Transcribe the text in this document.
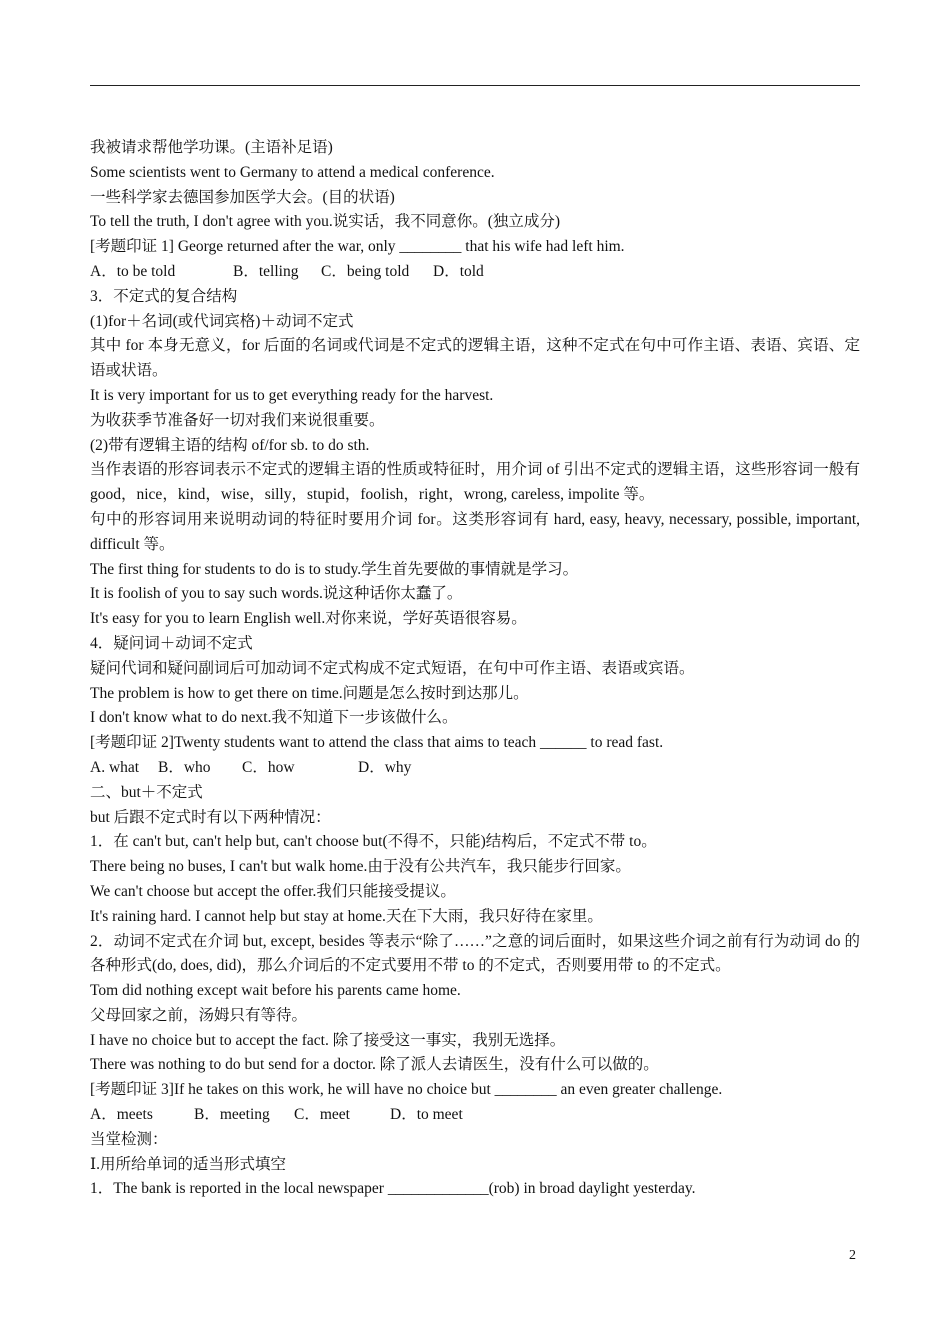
我被请求帮他学功课。(主语补足语)
Some scientists went to Germany to attend a medical conference.
一些科学家去德国参加医学大会。(目的状语)
To tell the truth, I don't agree with you.说实话，我不同意你。(独立成分)
[考题印证 1] George returned after the war, only ________ that his wife had left him.
A．to be told	B．telling C．being told D．told
3．不定式的复合结构
(1)for＋名词(或代词宾格)＋动词不定式
其中 for 本身无意义，for 后面的名词或代词是不定式的逻辑主语，这种不定式在句中可作主语、表语、宾语、定语或状语。
It is very important for us to get everything ready for the harvest.
为收获季节准备好一切对我们来说很重要。
(2)带有逻辑主语的结构 of/for sb. to do sth.
当作表语的形容词表示不定式的逻辑主语的性质或特征时，用介词 of 引出不定式的逻辑主语，这些形容词一般有 good，nice，kind，wise，silly，stupid，foolish，right，wrong, careless, impolite 等。
句中的形容词用来说明动词的特征时要用介词 for。这类形容词有 hard, easy, heavy, necessary, possible, important, difficult 等。
The first thing for students to do is to study.学生首先要做的事情就是学习。
It is foolish of you to say such words.说这种话你太蠢了。
It's easy for you to learn English well.对你来说，学好英语很容易。
4．疑问词＋动词不定式
疑问代词和疑问副词后可加动词不定式构成不定式短语，在句中可作主语、表语或宾语。
The problem is how to get there on time.问题是怎么按时到达那儿。
I don't know what to do next.我不知道下一步该做什么。
[考题印证 2]Twenty students want to attend the class that aims to teach ______ to read fast.
A. what B．who C．how	D．why
二、but＋不定式
but 后跟不定式时有以下两种情况：
1．在 can't but, can't help but, can't choose but(不得不，只能)结构后，不定式不带 to。
There being no buses, I can't but walk home.由于没有公共汽车，我只能步行回家。
We can't choose but accept the offer.我们只能接受提议。
It's raining hard. I cannot help but stay at home.天在下大雨，我只好待在家里。
2．动词不定式在介词 but, except, besides 等表示“除了……”之意的词后面时，如果这些介词之前有行为动词 do 的各种形式(do, does, did)，那么介词后的不定式要用不带 to 的不定式，否则要用带 to 的不定式。
Tom did nothing except wait before his parents came home.
父母回家之前，汤姆只有等待。
I have no choice but to accept the fact. 除了接受这一事实，我别无选择。
There was nothing to do but send for a doctor. 除了派人去请医生，没有什么可以做的。
[考题印证 3]If he takes on this work, he will have no choice but ________ an even greater challenge.
A．meets	B．meeting C．meet	D．to meet
当堂检测：
Ⅰ.用所给单词的适当形式填空
1．The bank is reported in the local newspaper _____________(rob) in broad daylight yesterday.
2
